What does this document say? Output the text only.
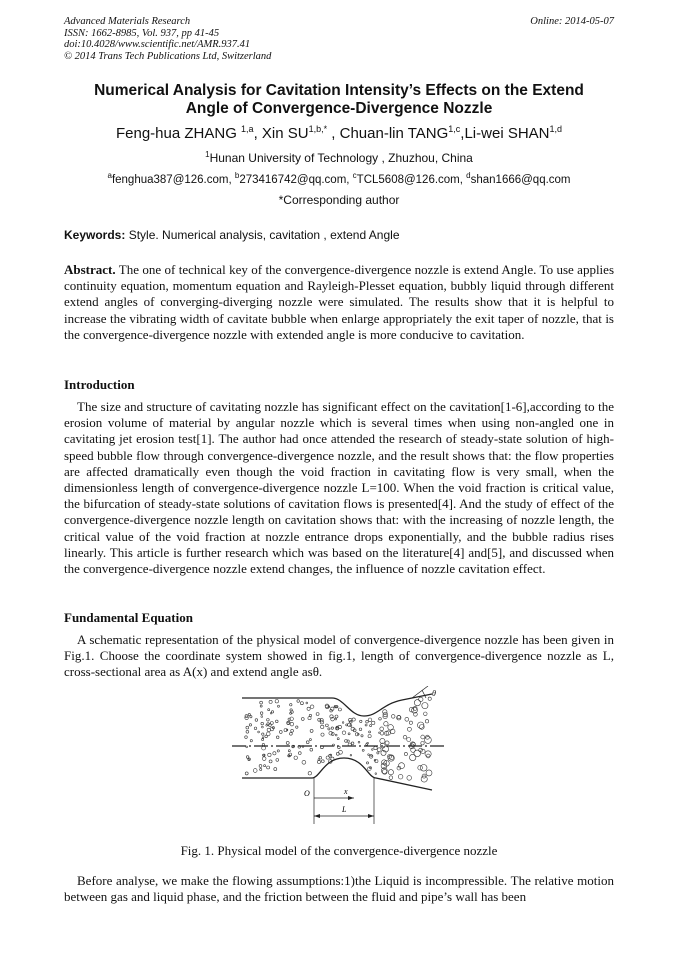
Advanced Materials Research
ISSN: 1662-8985, Vol. 937, pp 41-45
doi:10.4028/www.scientific.net/AMR.937.41
© 2014 Trans Tech Publications Ltd, Switzerland
Online: 2014-05-07
Numerical Analysis for Cavitation Intensity’s Effects on the Extend
Angle of Convergence-Divergence Nozzle
Feng-hua ZHANG $^{1,a}$, Xin $SU^{1,b,*}$ , Chuan-lin TANG$^{1,c}$,Li-wei SHAN$^{1,d}$
$^1$Hunan University of Technology , Zhuzhou, China
$^a$fenghua387@126.com, $^b$273416742@qq.com, $^c$TCL5608@126.com, $^d$shan1666@qq.com
*Corresponding author
Keywords: Style. Numerical analysis, cavitation , extend Angle
Abstract. The one of technical key of the convergence-divergence nozzle is extend Angle. To use applies continuity equation, momentum equation and Rayleigh-Plesset equation, bubbly liquid through different extend angles of converging-diverging nozzle were simulated. The results show that it is helpful to increase the vibrating width of cavitate bubble when enlarge appropriately the exit taper of nozzle, that is the convergence-divergence nozzle with extended angle is more conducive to cavitation.
Introduction
The size and structure of cavitating nozzle has significant effect on the cavitation[1-6],according to the erosion volume of material by angular nozzle which is several times when using non-angled one in cavitating jet erosion test[1]. The author had once attended the research of steady-state solution of high-speed bubble flow through convergence-divergence nozzle, and the result shows that: the flow properties are affected dramatically even though the void fraction in cavitating flow is very small, when the dimensionless length of convergence-divergence nozzle L=100. When the void fraction is critical value, the bifurcation of steady-state solutions of cavitation flows is presented[4]. And the study of effect of the convergence-divergence nozzle length on cavitation shows that: with the increasing of nozzle length, the critical value of the void fraction at nozzle entrance drops exponentially, and the bubble radius rises linearly. This article is further research which was based on the literature[4] and[5], and discussed when the convergence-divergence nozzle extend changes, the influence of nozzle cavitation effect.
Fundamental Equation
A schematic representation of the physical model of convergence-divergence nozzle has been given in Fig.1. Choose the coordinate system showed in fig.1, length of convergence-divergence nozzle as L, cross-sectional area as A(x) and extend angle asθ.
θ
O	x
L
Fig. 1. Physical model of the convergence-divergence nozzle
Before analyse, we make the flowing assumptions:1)the Liquid is incompressible. The relative motion between gas and liquid phase, and the friction between the fluid and pipe’s wall has been
